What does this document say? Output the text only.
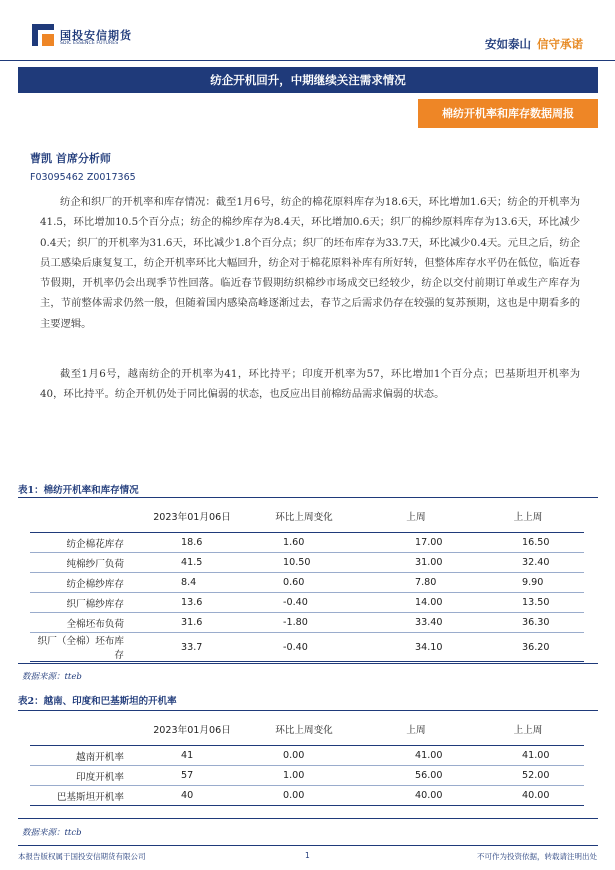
国投安信期货
SDIC ESSENCE FUTURES	安如泰山 信守承诺
纺企开机回升，中期继续关注需求情况
棉纺开机率和库存数据周报
曹凯 首席分析师
F03095462 Z0017365
纺企和织厂的开机率和库存情况：截至1月6号，纺企的棉花原料库存为18.6天，环比增加1.6天；纺企的开机率为41.5，环比增加10.5个百分点；纺企的棉纱库存为8.4天，环比增加0.6天；织厂的棉纱原料库存为13.6天，环比减少0.4天；织厂的开机率为31.6天，环比减少1.8个百分点；织厂的坯布库存为33.7天，环比减少0.4天。元旦之后，纺企员工感染后康复复工，纺企开机率环比大幅回升，纺企对于棉花原料补库有所好转，但整体库存水平仍在低位，临近春节假期，开机率仍会出现季节性回落。临近春节假期纺织棉纱市场成交已经较少，纺企以交付前期订单或生产库存为主，节前整体需求仍然一般，但随着国内感染高峰逐渐过去，春节之后需求仍存在较强的复苏预期，这也是中期看多的主要逻辑。
截至1月6号，越南纺企的开机率为41，环比持平；印度开机率为57，环比增加1个百分点；巴基斯坦开机率为40，环比持平。纺企开机仍处于同比偏弱的状态，也反应出目前棉纺品需求偏弱的状态。
表1：棉纺开机率和库存情况
	2023年01月06日	环比上周变化	上周	上上周
纺企棉花库存	18.6	1.60	17.00	16.50
纯棉纱厂负荷	41.5	10.50	31.00	32.40
纺企棉纱库存	8.4	0.60	7.80	9.90
织厂棉纱库存	13.6	-0.40	14.00	13.50
全棉坯布负荷	31.6	-1.80	33.40	36.30
织厂（全棉）坯布库存	33.7	-0.40	34.10	36.20
数据来源：tteb
表2：越南、印度和巴基斯坦的开机率
	2023年01月06日	环比上周变化	上周	上上周
越南开机率	41	0.00	41.00	41.00
印度开机率	57	1.00	56.00	52.00
巴基斯坦开机率	40	0.00	40.00	40.00
数据来源：ttcb
本报告版权属于国投安信期货有限公司	1	不可作为投资依据，转载请注明出处
